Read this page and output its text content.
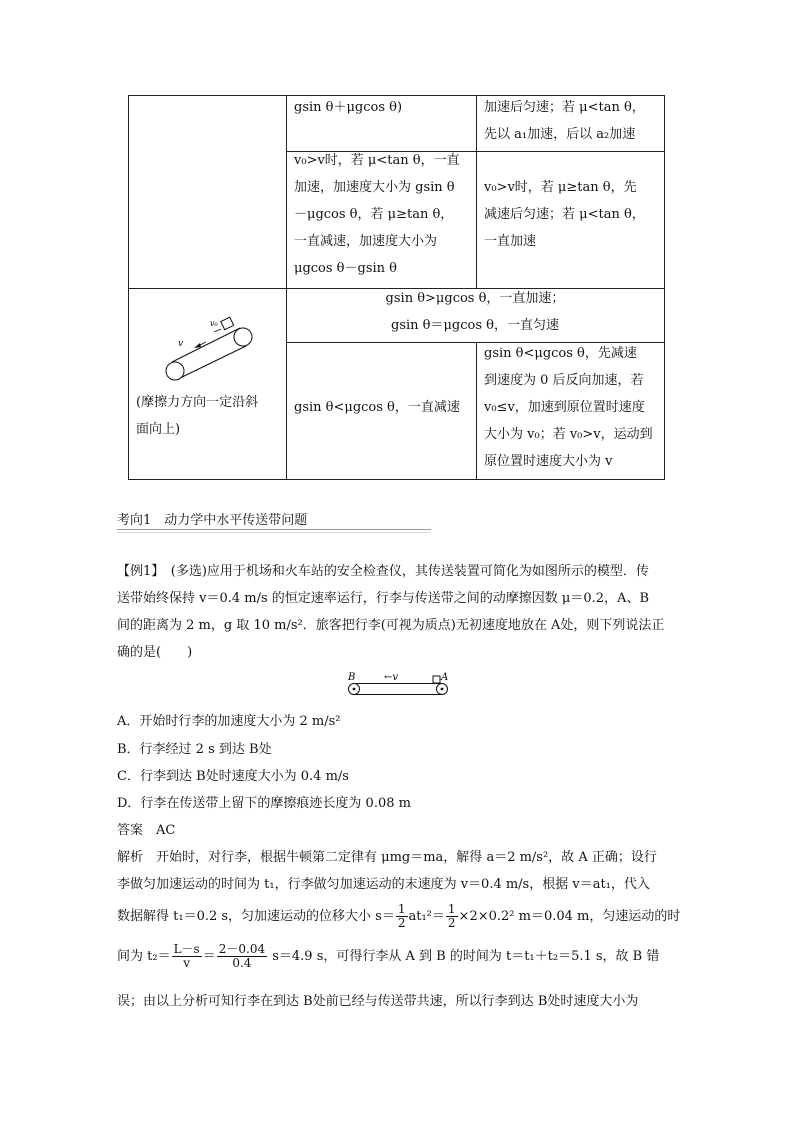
gsin θ＋μgcos θ)	加速后匀速；若 μ<tan θ，
先以 a₁加速，后以 a₂加速
v₀>v时，若 μ<tan θ，一直
加速，加速度大小为 gsin θ
－μgcos θ，若 μ≥tan θ，
一直减速，加速度大小为
μgcos θ－gsin θ
v₀>v时，若 μ≥tan θ，先
减速后匀速；若 μ<tan θ，
一直加速
v
v₀
(摩擦力方向一定沿斜
面向上)
gsin θ>μgcos θ，一直加速；
gsin θ＝μgcos θ，一直匀速
gsin θ<μgcos θ，一直减速
gsin θ<μgcos θ，先减速
到速度为 0 后反向加速，若
v₀≤v，加速到原位置时速度
大小为 v₀；若 v₀>v，运动到
原位置时速度大小为 v
考向1　动力学中水平传送带问题
【例1】　(多选)应用于机场和火车站的安全检查仪，其传送装置可简化为如图所示的模型．传
送带始终保持 v＝0.4 m/s 的恒定速率运行，行李与传送带之间的动摩擦因数 μ＝0.2，A、B
间的距离为 2 m，g 取 10 m/s²．旅客把行李(可视为质点)无初速度地放在 A处，则下列说法正
确的是(　　)
B	A
←v
A．开始时行李的加速度大小为 2 m/s²
B．行李经过 2 s 到达 B处
C．行李到达 B处时速度大小为 0.4 m/s
D．行李在传送带上留下的摩擦痕迹长度为 0.08 m
答案　AC
解析　开始时，对行李，根据牛顿第二定律有 μmg＝ma，解得 a＝2 m/s²，故 A 正确；设行
李做匀加速运动的时间为 t₁，行李做匀加速运动的末速度为 v＝0.4 m/s，根据 v＝at₁，代入
数据解得 t₁＝0.2 s，匀加速运动的位移大小 $s= \frac{1}{2} at_1^2= \frac{1}{2} \times 2\times 0.2^2$ m＝0.04 m，匀速运动的时
间为 $t_2= \frac{L-s}{v} = \frac{2-0.04}{0.4} s=4.9$ s，可得行李从 A 到 B 的时间为 t＝t₁＋t₂＝5.1 s，故 B 错
误；由以上分析可知行李在到达 B处前已经与传送带共速，所以行李到达 B处时速度大小为
